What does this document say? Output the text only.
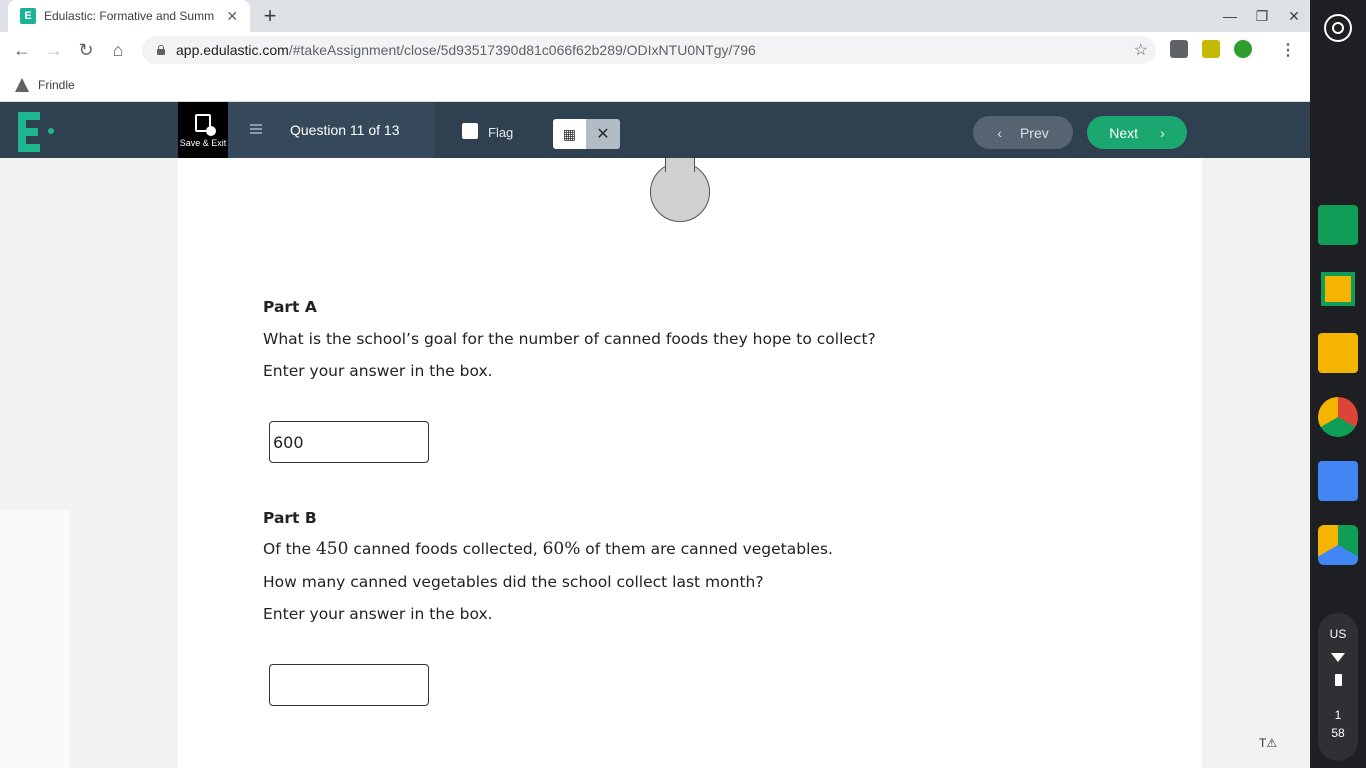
E	Edulastic: Formative and Summ ✕ +	—	❐	✕
← → ↻	⌂	app.edulastic.com /#takeAssignment/close/5d93517390d81c066f62b289/ODIxNTU0NTgy/796	☆	⋮
Frindle
Save & Exit
Question 11 of 13	Flag	▦	✕	‹ Prev	Next ›
Part A
What is the school’s goal for the number of canned foods they hope to collect?
Enter your answer in the box.
600
Part B
Of the 450 canned foods collected, 60% of them are canned vegetables.
How many canned vegetables did the school collect last month?
Enter your answer in the box.
T⚠
US
1
58
